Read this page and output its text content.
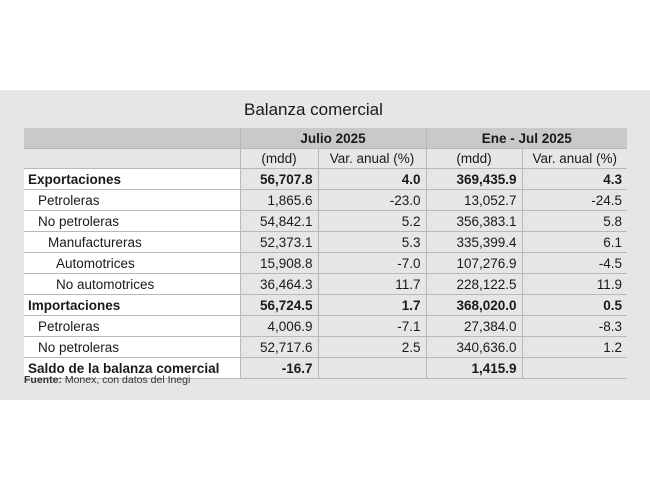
Balanza comercial
	Julio 2025		Ene - Jul 2025	
	(mdd)	Var. anual (%)	(mdd)	Var. anual (%)
Exportaciones	56,707.8	4.0	369,435.9	4.3
Petroleras	1,865.6	-23.0	13,052.7	-24.5
No petroleras	54,842.1	5.2	356,383.1	5.8
Manufactureras	52,373.1	5.3	335,399.4	6.1
Automotrices	15,908.8	-7.0	107,276.9	-4.5
No automotrices	36,464.3	11.7	228,122.5	11.9
Importaciones	56,724.5	1.7	368,020.0	0.5
Petroleras	4,006.9	-7.1	27,384.0	-8.3
No petroleras	52,717.6	2.5	340,636.0	1.2
Saldo de la balanza comercial	-16.7		1,415.9	
Fuente: Monex, con datos del Inegi
